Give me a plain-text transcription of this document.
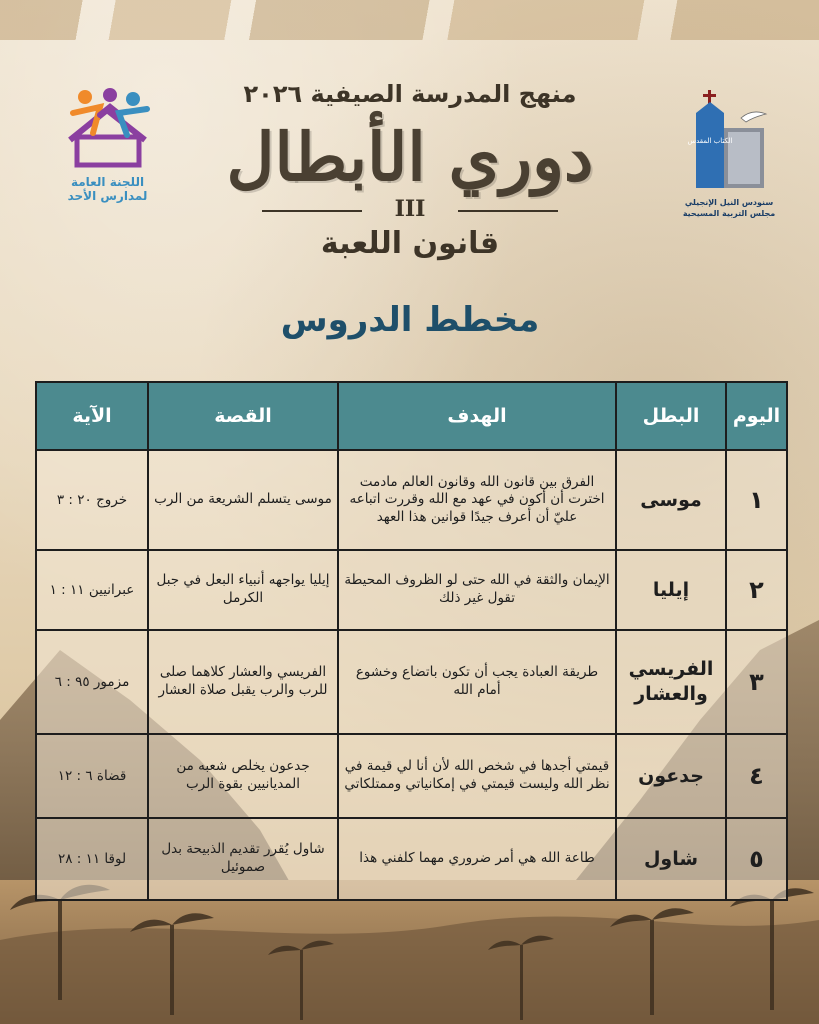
اللجنة العامة
لمدارس الأحد
الكتاب المقدس
سنودس النيل الإنجيلي
مجلس التربية المسيحية
منهج المدرسة الصيفية ٢٠٢٦
دوري الأبطال
III
قانون اللعبة
مخطط الدروس
اليوم	البطل	الهدف	القصة	الآية
١	موسى	الفرق بين قانون الله وقانون العالم مادمت اخترت أن أكون في عهد مع الله وقررت اتباعه عليّ أن أعرف جيدًا قوانين هذا العهد	موسى يتسلم الشريعة من الرب	خروج ٢٠ : ٣
٢	إيليا	الإيمان والثقة في الله حتى لو الظروف المحيطة تقول غير ذلك	إيليا يواجهه أنبياء البعل في جبل الكرمل	عبرانيين ١١ : ١
٣	الفريسي والعشار	طريقة العبادة يجب أن تكون باتضاع وخشوع أمام الله	الفريسي والعشار كلاهما صلى للرب والرب يقبل صلاة العشار	مزمور ٩٥ : ٦
٤	جدعون	قيمتي أجدها في شخص الله لأن أنا لي قيمة في نظر الله وليست قيمتي في إمكانياتي وممتلكاتي	جدعون يخلص شعبه من المديانيين بقوة الرب	قضاة ٦ : ١٢
٥	شاول	طاعة الله هي أمر ضروري مهما كلفني هذا	شاول يُقرر تقديم الذبيحة بدل صموئيل	لوقا ١١ : ٢٨
